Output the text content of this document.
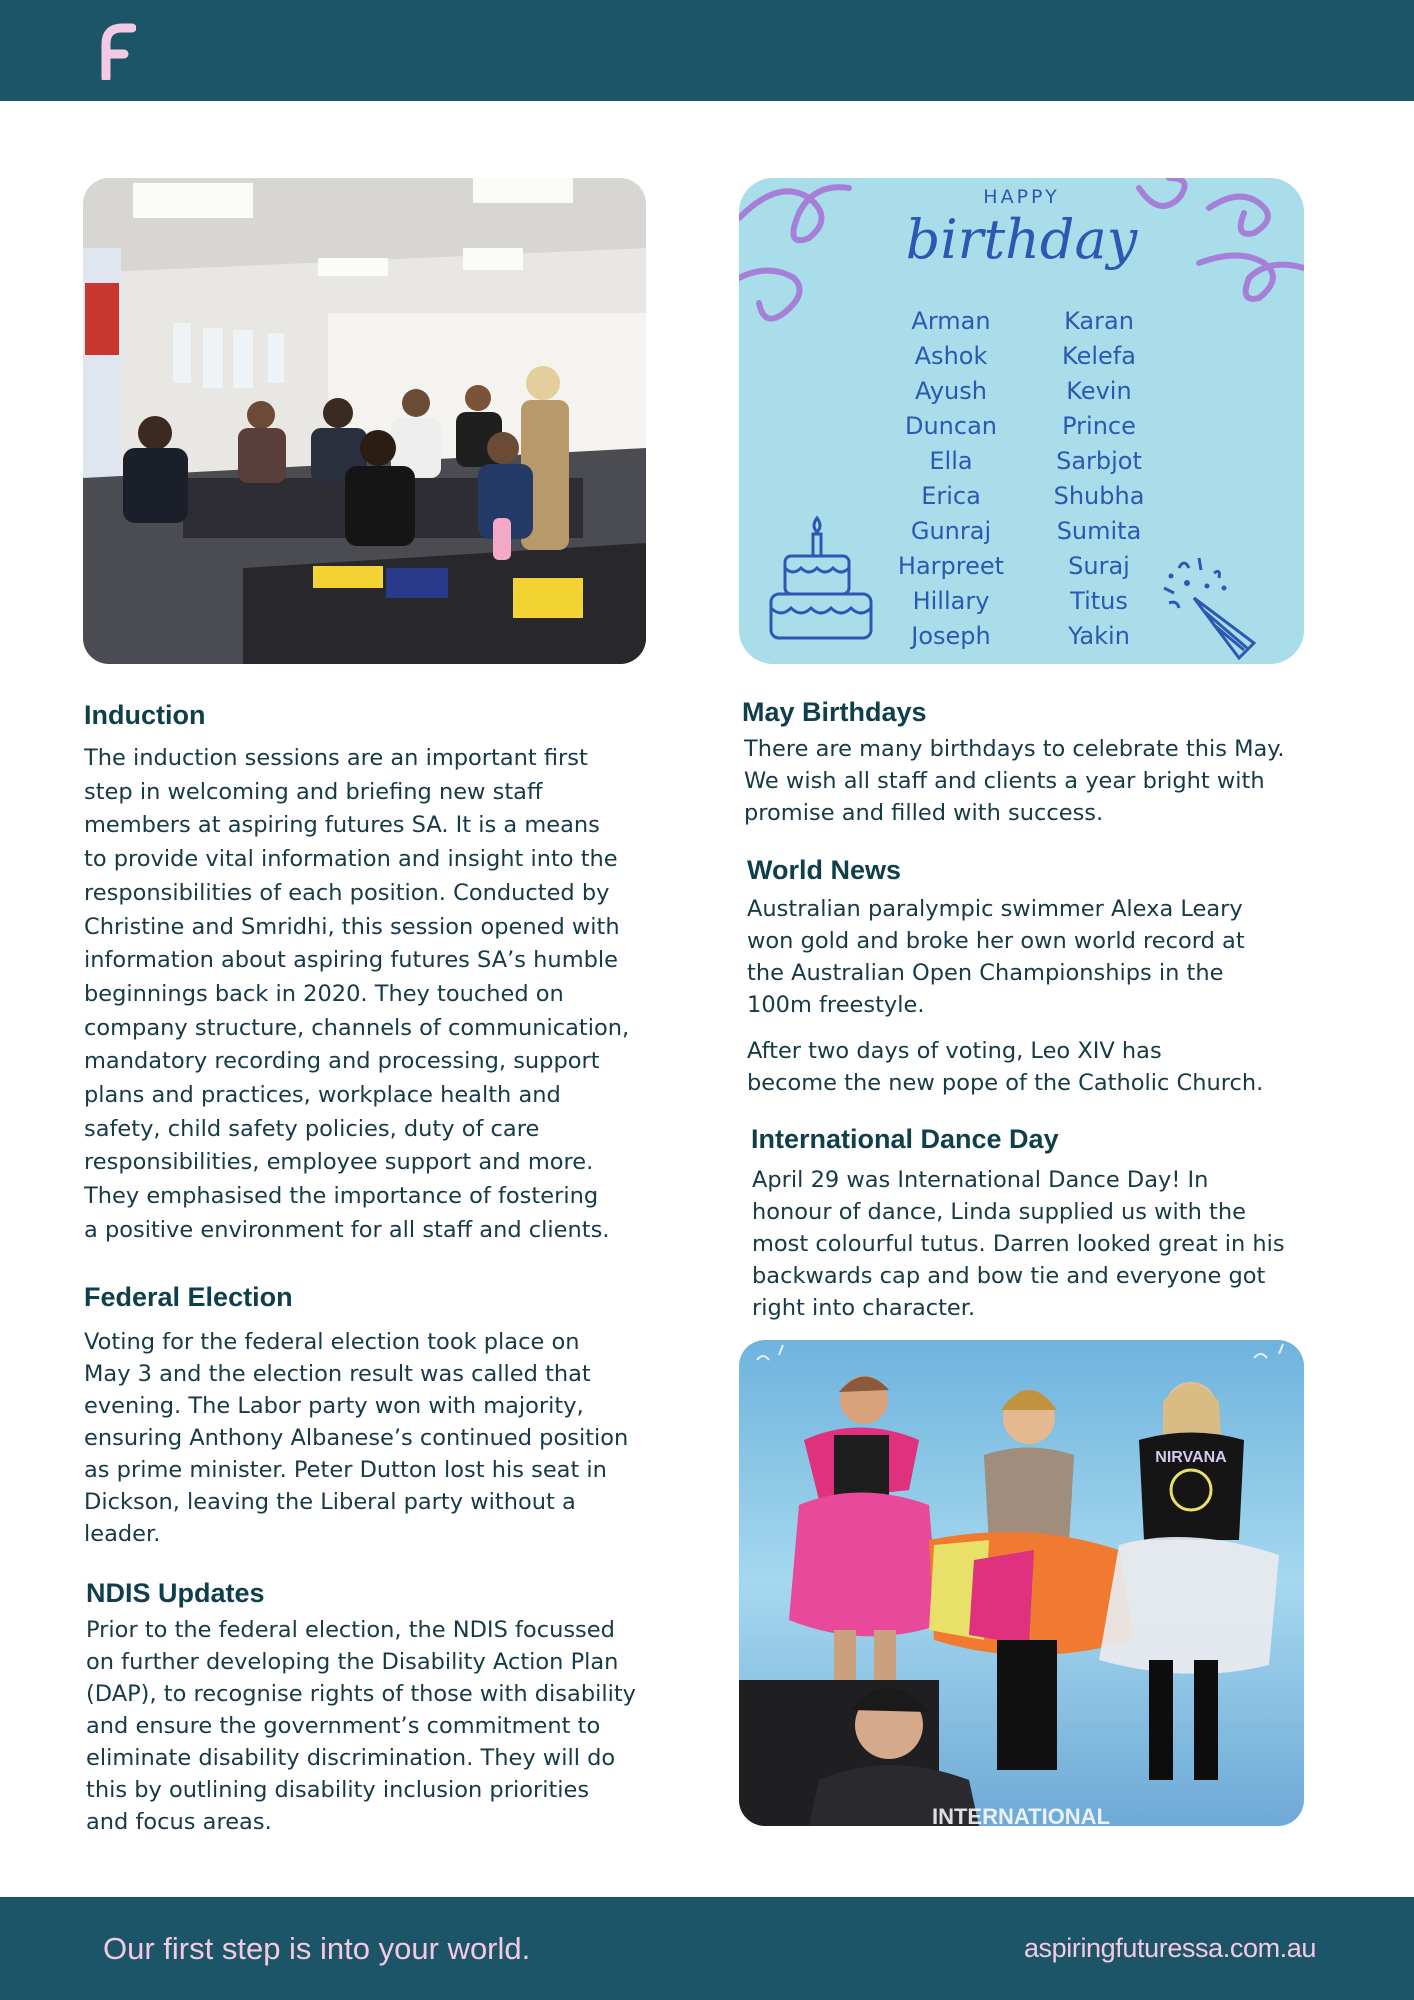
Induction
The induction sessions are an important first
step in welcoming and briefing new staff
members at aspiring futures SA. It is a means
to provide vital information and insight into the
responsibilities of each position. Conducted by
Christine and Smridhi, this session opened with
information about aspiring futures SA’s humble
beginnings back in 2020. They touched on
company structure, channels of communication,
mandatory recording and processing, support
plans and practices, workplace health and
safety, child safety policies, duty of care
responsibilities, employee support and more.
They emphasised the importance of fostering
a positive environment for all staff and clients.
Federal Election
Voting for the federal election took place on
May 3 and the election result was called that
evening. The Labor party won with majority,
ensuring Anthony Albanese’s continued position
as prime minister. Peter Dutton lost his seat in
Dickson, leaving the Liberal party without a
leader.
NDIS Updates
Prior to the federal election, the NDIS focussed
on further developing the Disability Action Plan
(DAP), to recognise rights of those with disability
and ensure the government’s commitment to
eliminate disability discrimination. They will do
this by outlining disability inclusion priorities
and focus areas.
HAPPY
birthday
Arman
Ashok
Ayush
Duncan
Ella
Erica
Gunraj
Harpreet
Hillary
Joseph
Karan
Kelefa
Kevin
Prince
Sarbjot
Shubha
Sumita
Suraj
Titus
Yakin
May Birthdays
There are many birthdays to celebrate this May.
We wish all staff and clients a year bright with
promise and filled with success.
World News
Australian paralympic swimmer Alexa Leary
won gold and broke her own world record at
the Australian Open Championships in the
100m freestyle.
After two days of voting, Leo XIV has
become the new pope of the Catholic Church.
International Dance Day
April 29 was International Dance Day! In
honour of dance, Linda supplied us with the
most colourful tutus. Darren looked great in his
backwards cap and bow tie and everyone got
right into character.
NIRVANA
INTERNATIONAL
Our first step is into your world.	aspiringfuturessa.com.au
